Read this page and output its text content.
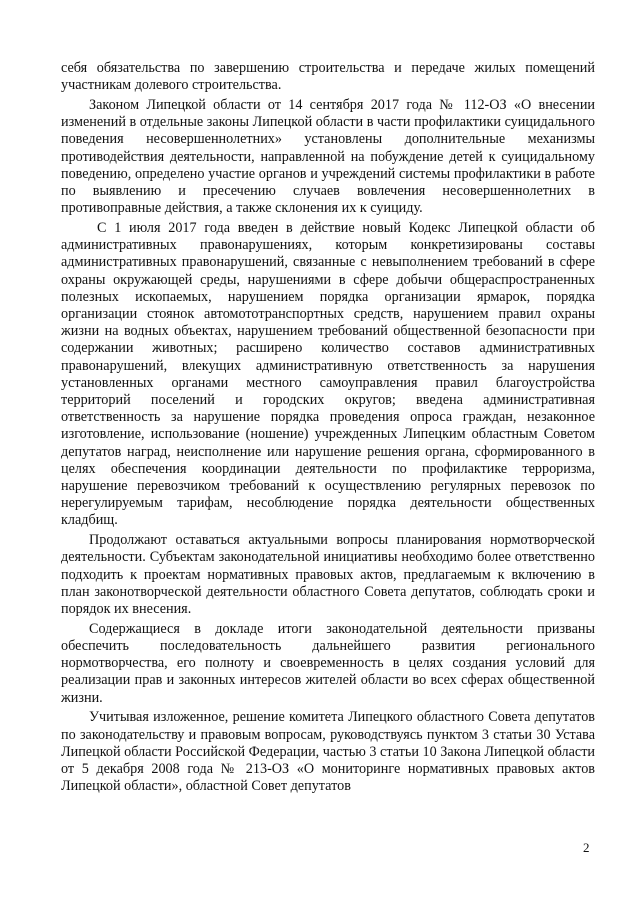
себя обязательства по завершению строительства и передаче жилых помещений участникам долевого строительства.

Законом Липецкой области от 14 сентября 2017 года № 112-ОЗ «О внесении изменений в отдельные законы Липецкой области в части профилактики суицидального поведения несовершеннолетних» установлены дополнительные механизмы противодействия деятельности, направленной на побуждение детей к суицидальному поведению, определено участие органов и учреждений системы профилактики в работе по выявлению и пресечению случаев вовлечения несовершеннолетних в противоправные действия, а также склонения их к суициду.

С 1 июля 2017 года введен в действие новый Кодекс Липецкой области об административных правонарушениях, которым конкретизированы составы административных правонарушений, связанные с невыполнением требований в сфере охраны окружающей среды, нарушениями в сфере добычи общераспространенных полезных ископаемых, нарушением порядка организации ярмарок, порядка организации стоянок автомототранспортных средств, нарушением правил охраны жизни на водных объектах, нарушением требований общественной безопасности при содержании животных; расширено количество составов административных правонарушений, влекущих административную ответственность за нарушения установленных органами местного самоуправления правил благоустройства территорий поселений и городских округов; введена административная ответственность за нарушение порядка проведения опроса граждан, незаконное изготовление, использование (ношение) учрежденных Липецким областным Советом депутатов наград, неисполнение или нарушение решения органа, сформированного в целях обеспечения координации деятельности по профилактике терроризма, нарушение перевозчиком требований к осуществлению регулярных перевозок по нерегулируемым тарифам, несоблюдение порядка деятельности общественных кладбищ.

Продолжают оставаться актуальными вопросы планирования нормотворческой деятельности. Субъектам законодательной инициативы необходимо более ответственно подходить к проектам нормативных правовых актов, предлагаемым к включению в план законотворческой деятельности областного Совета депутатов, соблюдать сроки и порядок их внесения.

Содержащиеся в докладе итоги законодательной деятельности призваны обеспечить последовательность дальнейшего развития регионального нормотворчества, его полноту и своевременность в целях создания условий для реализации прав и законных интересов жителей области во всех сферах общественной жизни.

Учитывая изложенное, решение комитета Липецкого областного Совета депутатов по законодательству и правовым вопросам, руководствуясь пунктом 3 статьи 30 Устава Липецкой области Российской Федерации, частью 3 статьи 10 Закона Липецкой области от 5 декабря 2008 года № 213-ОЗ «О мониторинге нормативных правовых актов Липецкой области», областной Совет депутатов

2
